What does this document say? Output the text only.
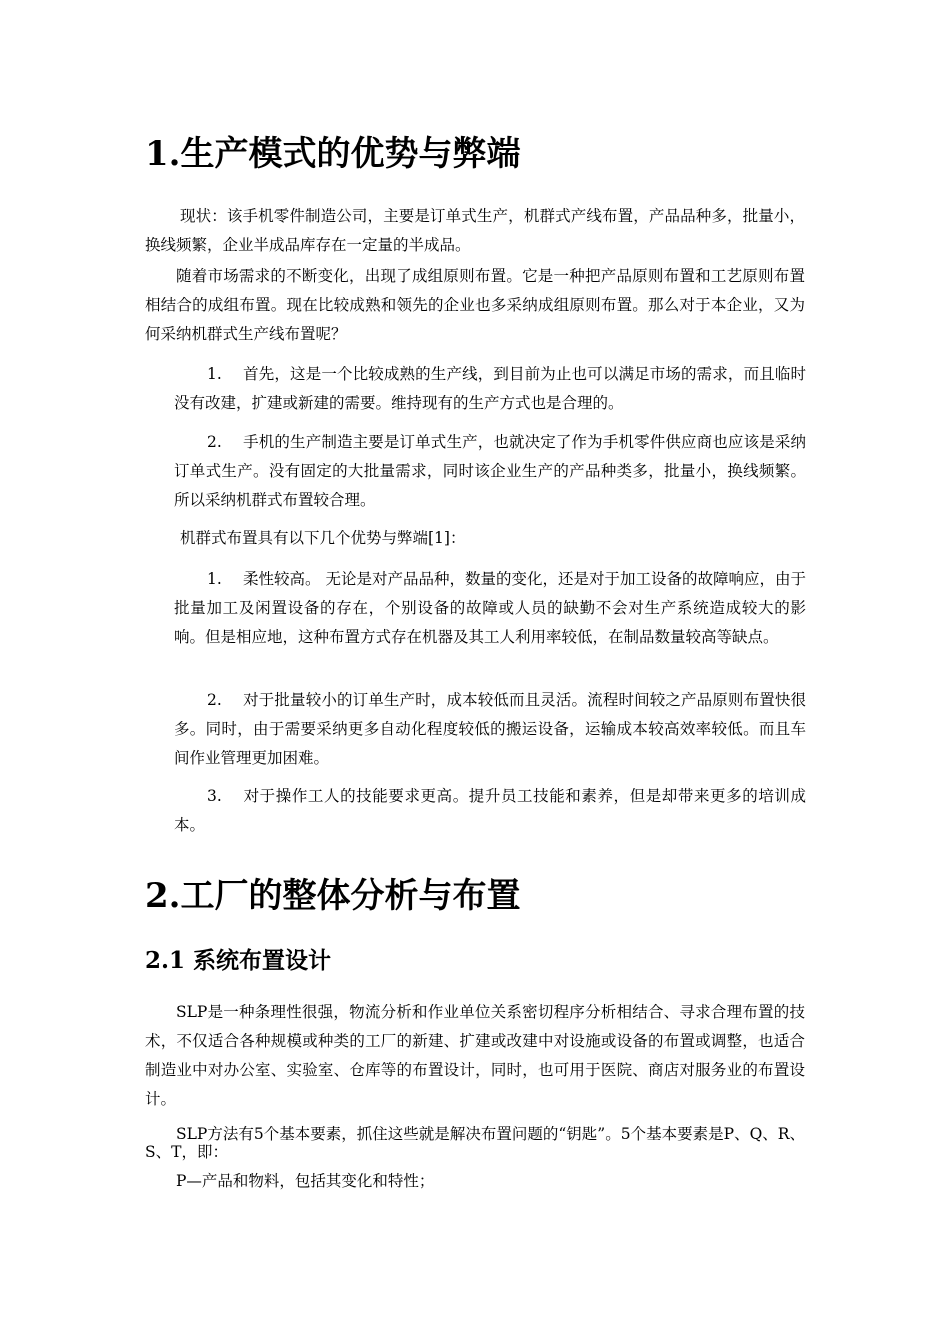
1.生产模式的优势与弊端

现状：该手机零件制造公司，主要是订单式生产，机群式产线布置，产品品种多，批量小，换线频繁，企业半成品库存在一定量的半成品。

随着市场需求的不断变化，出现了成组原则布置。它是一种把产品原则布置和工艺原则布置相结合的成组布置。现在比较成熟和领先的企业也多采纳成组原则布置。那么对于本企业，又为何采纳机群式生产线布置呢？

1. 首先，这是一个比较成熟的生产线，到目前为止也可以满足市场的需求，而且临时没有改建，扩建或新建的需要。维持现有的生产方式也是合理的。

2. 手机的生产制造主要是订单式生产，也就决定了作为手机零件供应商也应该是采纳订单式生产。没有固定的大批量需求，同时该企业生产的产品种类多，批量小，换线频繁。所以采纳机群式布置较合理。

机群式布置具有以下几个优势与弊端[1]：

1. 柔性较高。 无论是对产品品种，数量的变化，还是对于加工设备的故障响应，由于批量加工及闲置设备的存在，个别设备的故障或人员的缺勤不会对生产系统造成较大的影响。但是相应地，这种布置方式存在机器及其工人利用率较低，在制品数量较高等缺点。

2. 对于批量较小的订单生产时，成本较低而且灵活。流程时间较之产品原则布置快很多。同时，由于需要采纳更多自动化程度较低的搬运设备，运输成本较高效率较低。而且车间作业管理更加困难。

3. 对于操作工人的技能要求更高。提升员工技能和素养，但是却带来更多的培训成本。

2.工厂的整体分析与布置
2.1 系统布置设计

SLP是一种条理性很强，物流分析和作业单位关系密切程序分析相结合、寻求合理布置的技术，不仅适合各种规模或种类的工厂的新建、扩建或改建中对设施或设备的布置或调整，也适合制造业中对办公室、实验室、仓库等的布置设计，同时，也可用于医院、商店对服务业的布置设计。

SLP方法有5个基本要素，抓住这些就是解决布置问题的“钥匙”。5个基本要素是P、Q、R、S、T，即：

P—产品和物料，包括其变化和特性；
